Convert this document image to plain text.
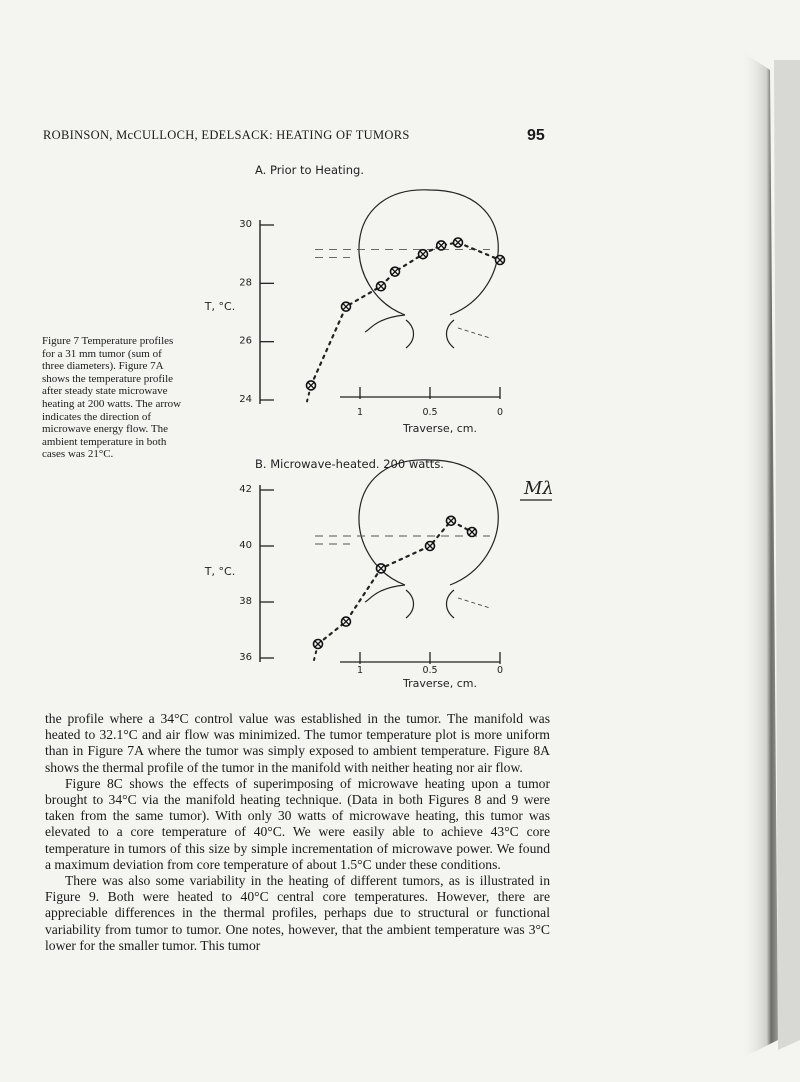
ROBINSON, McCULLOCH, EDELSACK: HEATING OF TUMORS	95
Figure 7 Temperature profiles for a 31 mm tumor (sum of three diameters). Figure 7A shows the temperature profile after steady state microwave heating at 200 watts. The arrow indicates the direction of microwave energy flow. The ambient temperature in both cases was 21°C.
A. Prior to Heating.
30
28
26
24
T, °C.
1	0.5	0
Traverse, cm.
B. Microwave-heated. 200 watts.
42
40
38
36
T, °C.
1	0.5	0
Traverse, cm.
Mλ

the profile where a 34°C control value was established in the tumor. The manifold was heated to 32.1°C and air flow was minimized. The tumor temperature plot is more uniform than in Figure 7A where the tumor was simply exposed to ambient temperature. Figure 8A shows the thermal profile of the tumor in the manifold with neither heating nor air flow.

Figure 8C shows the effects of superimposing of microwave heating upon a tumor brought to 34°C via the manifold heating technique. (Data in both Figures 8 and 9 were taken from the same tumor). With only 30 watts of microwave heating, this tumor was elevated to a core temperature of 40°C. We were easily able to achieve 43°C core temperature in tumors of this size by simple incrementation of microwave power. We found a maximum deviation from core temperature of about 1.5°C under these conditions.

There was also some variability in the heating of different tumors, as is illustrated in Figure 9. Both were heated to 40°C central core temperatures. However, there are appreciable differences in the thermal profiles, perhaps due to structural or functional variability from tumor to tumor. One notes, however, that the ambient temperature was 3°C lower for the smaller tumor. This tumor
